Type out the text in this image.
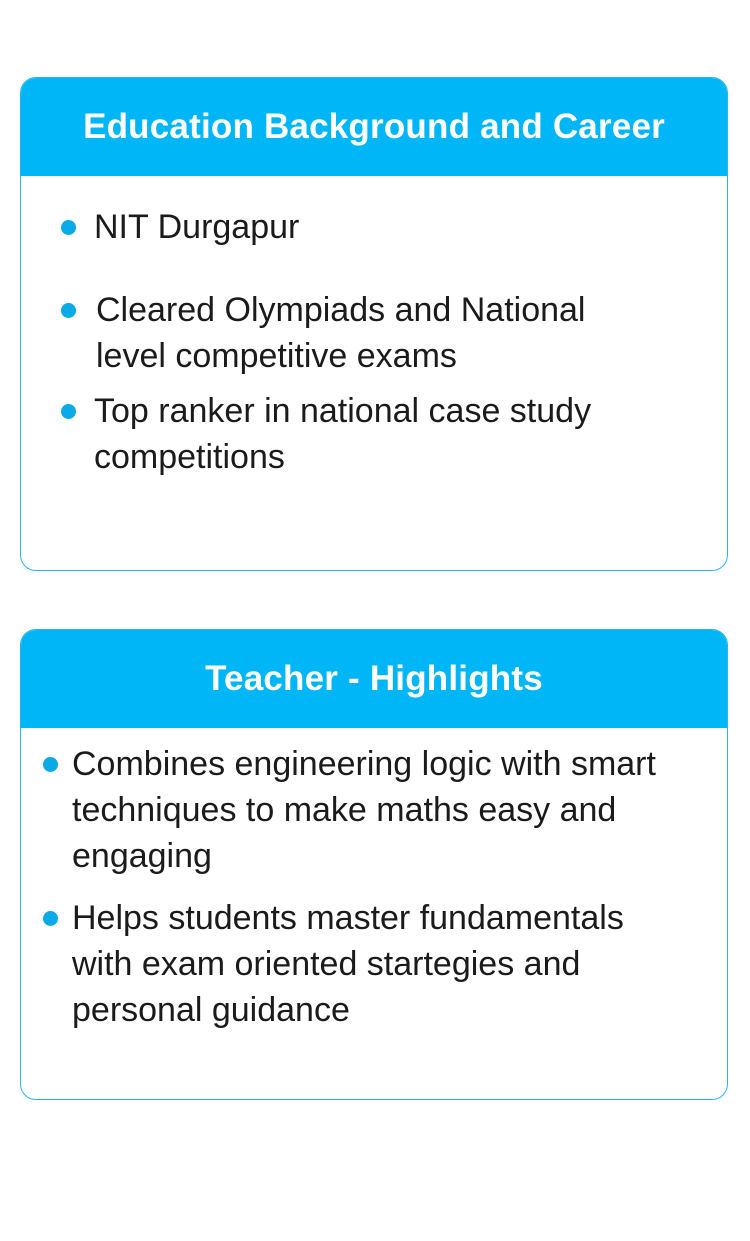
Education Background and Career
NIT Durgapur
Cleared Olympiads and National level competitive exams
Top ranker in national case study competitions
Teacher - Highlights
Combines engineering logic with smart techniques to make maths easy and engaging
Helps students master fundamentals with exam oriented startegies and personal guidance
